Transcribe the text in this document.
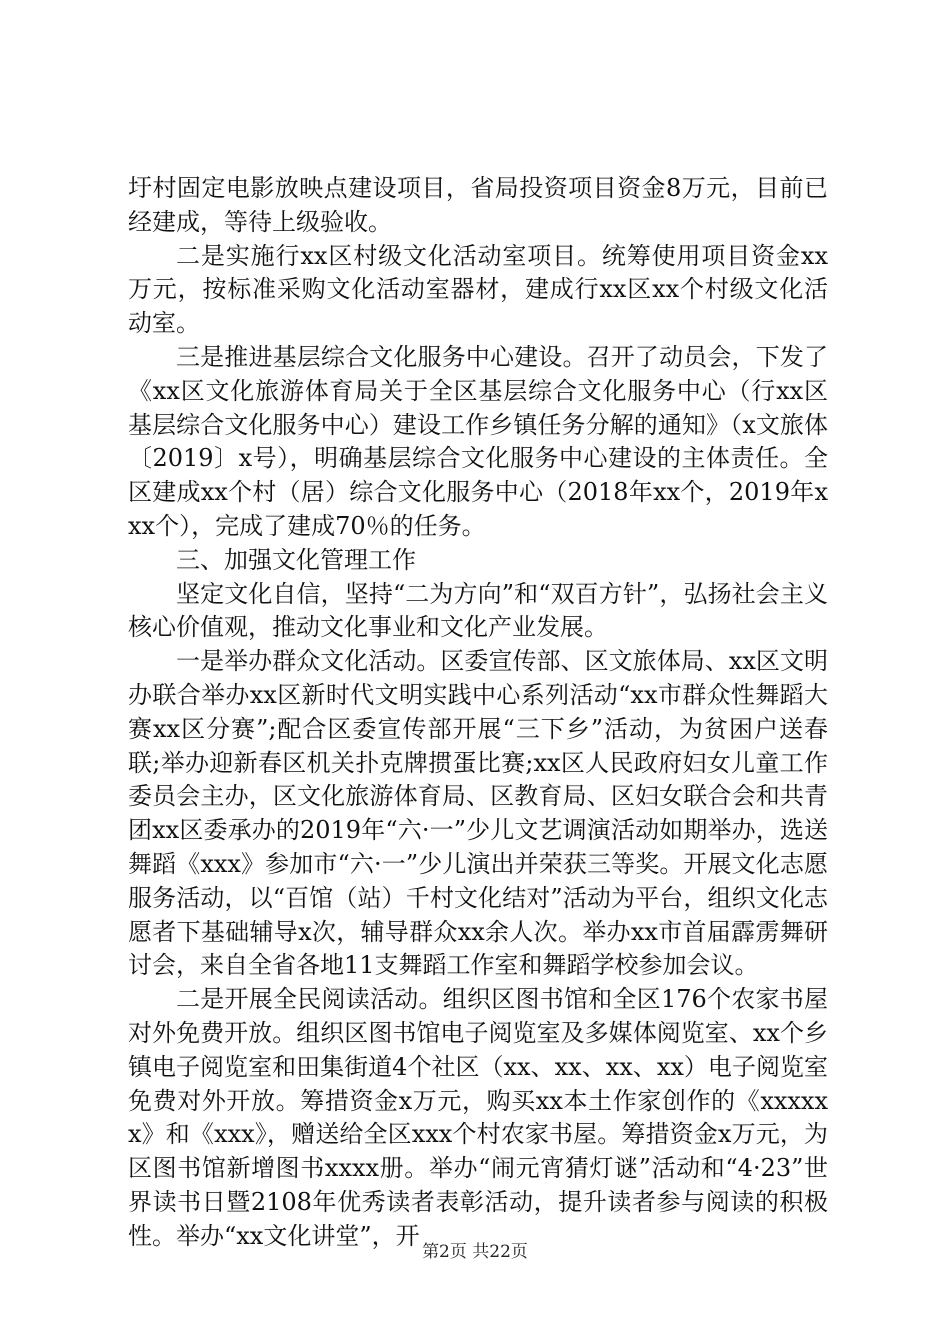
圩村固定电影放映点建设项目，省局投资项目资金8万元，目前已经建成，等待上级验收。

二是实施行xx区村级文化活动室项目。统筹使用项目资金xx万元，按标准采购文化活动室器材，建成行xx区xx个村级文化活动室。

三是推进基层综合文化服务中心建设。召开了动员会，下发了《xx区文化旅游体育局关于全区基层综合文化服务中心（行xx区基层综合文化服务中心）建设工作乡镇任务分解的通知》（x文旅体〔2019〕x号），明确基层综合文化服务中心建设的主体责任。全区建成xx个村（居）综合文化服务中心（2018年xx个，2019年xxx个），完成了建成70％的任务。

三、加强文化管理工作

坚定文化自信，坚持“二为方向”和“双百方针”，弘扬社会主义核心价值观，推动文化事业和文化产业发展。

一是举办群众文化活动。区委宣传部、区文旅体局、xx区文明办联合举办xx区新时代文明实践中心系列活动“xx市群众性舞蹈大赛xx区分赛”;配合区委宣传部开展“三下乡”活动，为贫困户送春联;举办迎新春区机关扑克牌掼蛋比赛;xx区人民政府妇女儿童工作委员会主办，区文化旅游体育局、区教育局、区妇女联合会和共青团xx区委承办的2019年“六·一”少儿文艺调演活动如期举办，选送舞蹈《xxx》参加市“六·一”少儿演出并荣获三等奖。开展文化志愿服务活动，以“百馆（站）千村文化结对”活动为平台，组织文化志愿者下基础辅导x次，辅导群众xx余人次。举办xx市首届霹雳舞研讨会，来自全省各地11支舞蹈工作室和舞蹈学校参加会议。

二是开展全民阅读活动。组织区图书馆和全区176个农家书屋对外免费开放。组织区图书馆电子阅览室及多媒体阅览室、xx个乡镇电子阅览室和田集街道4个社区（xx、xx、xx、xx）电子阅览室免费对外开放。筹措资金x万元，购买xx本土作家创作的《xxxxxx》和《xxx》，赠送给全区xxx个村农家书屋。筹措资金x万元，为区图书馆新增图书xxxx册。举办“闹元宵猜灯谜”活动和“4·23”世界读书日暨2108年优秀读者表彰活动，提升读者参与阅读的积极性。举办“xx文化讲堂”，开

第2页 共22页
